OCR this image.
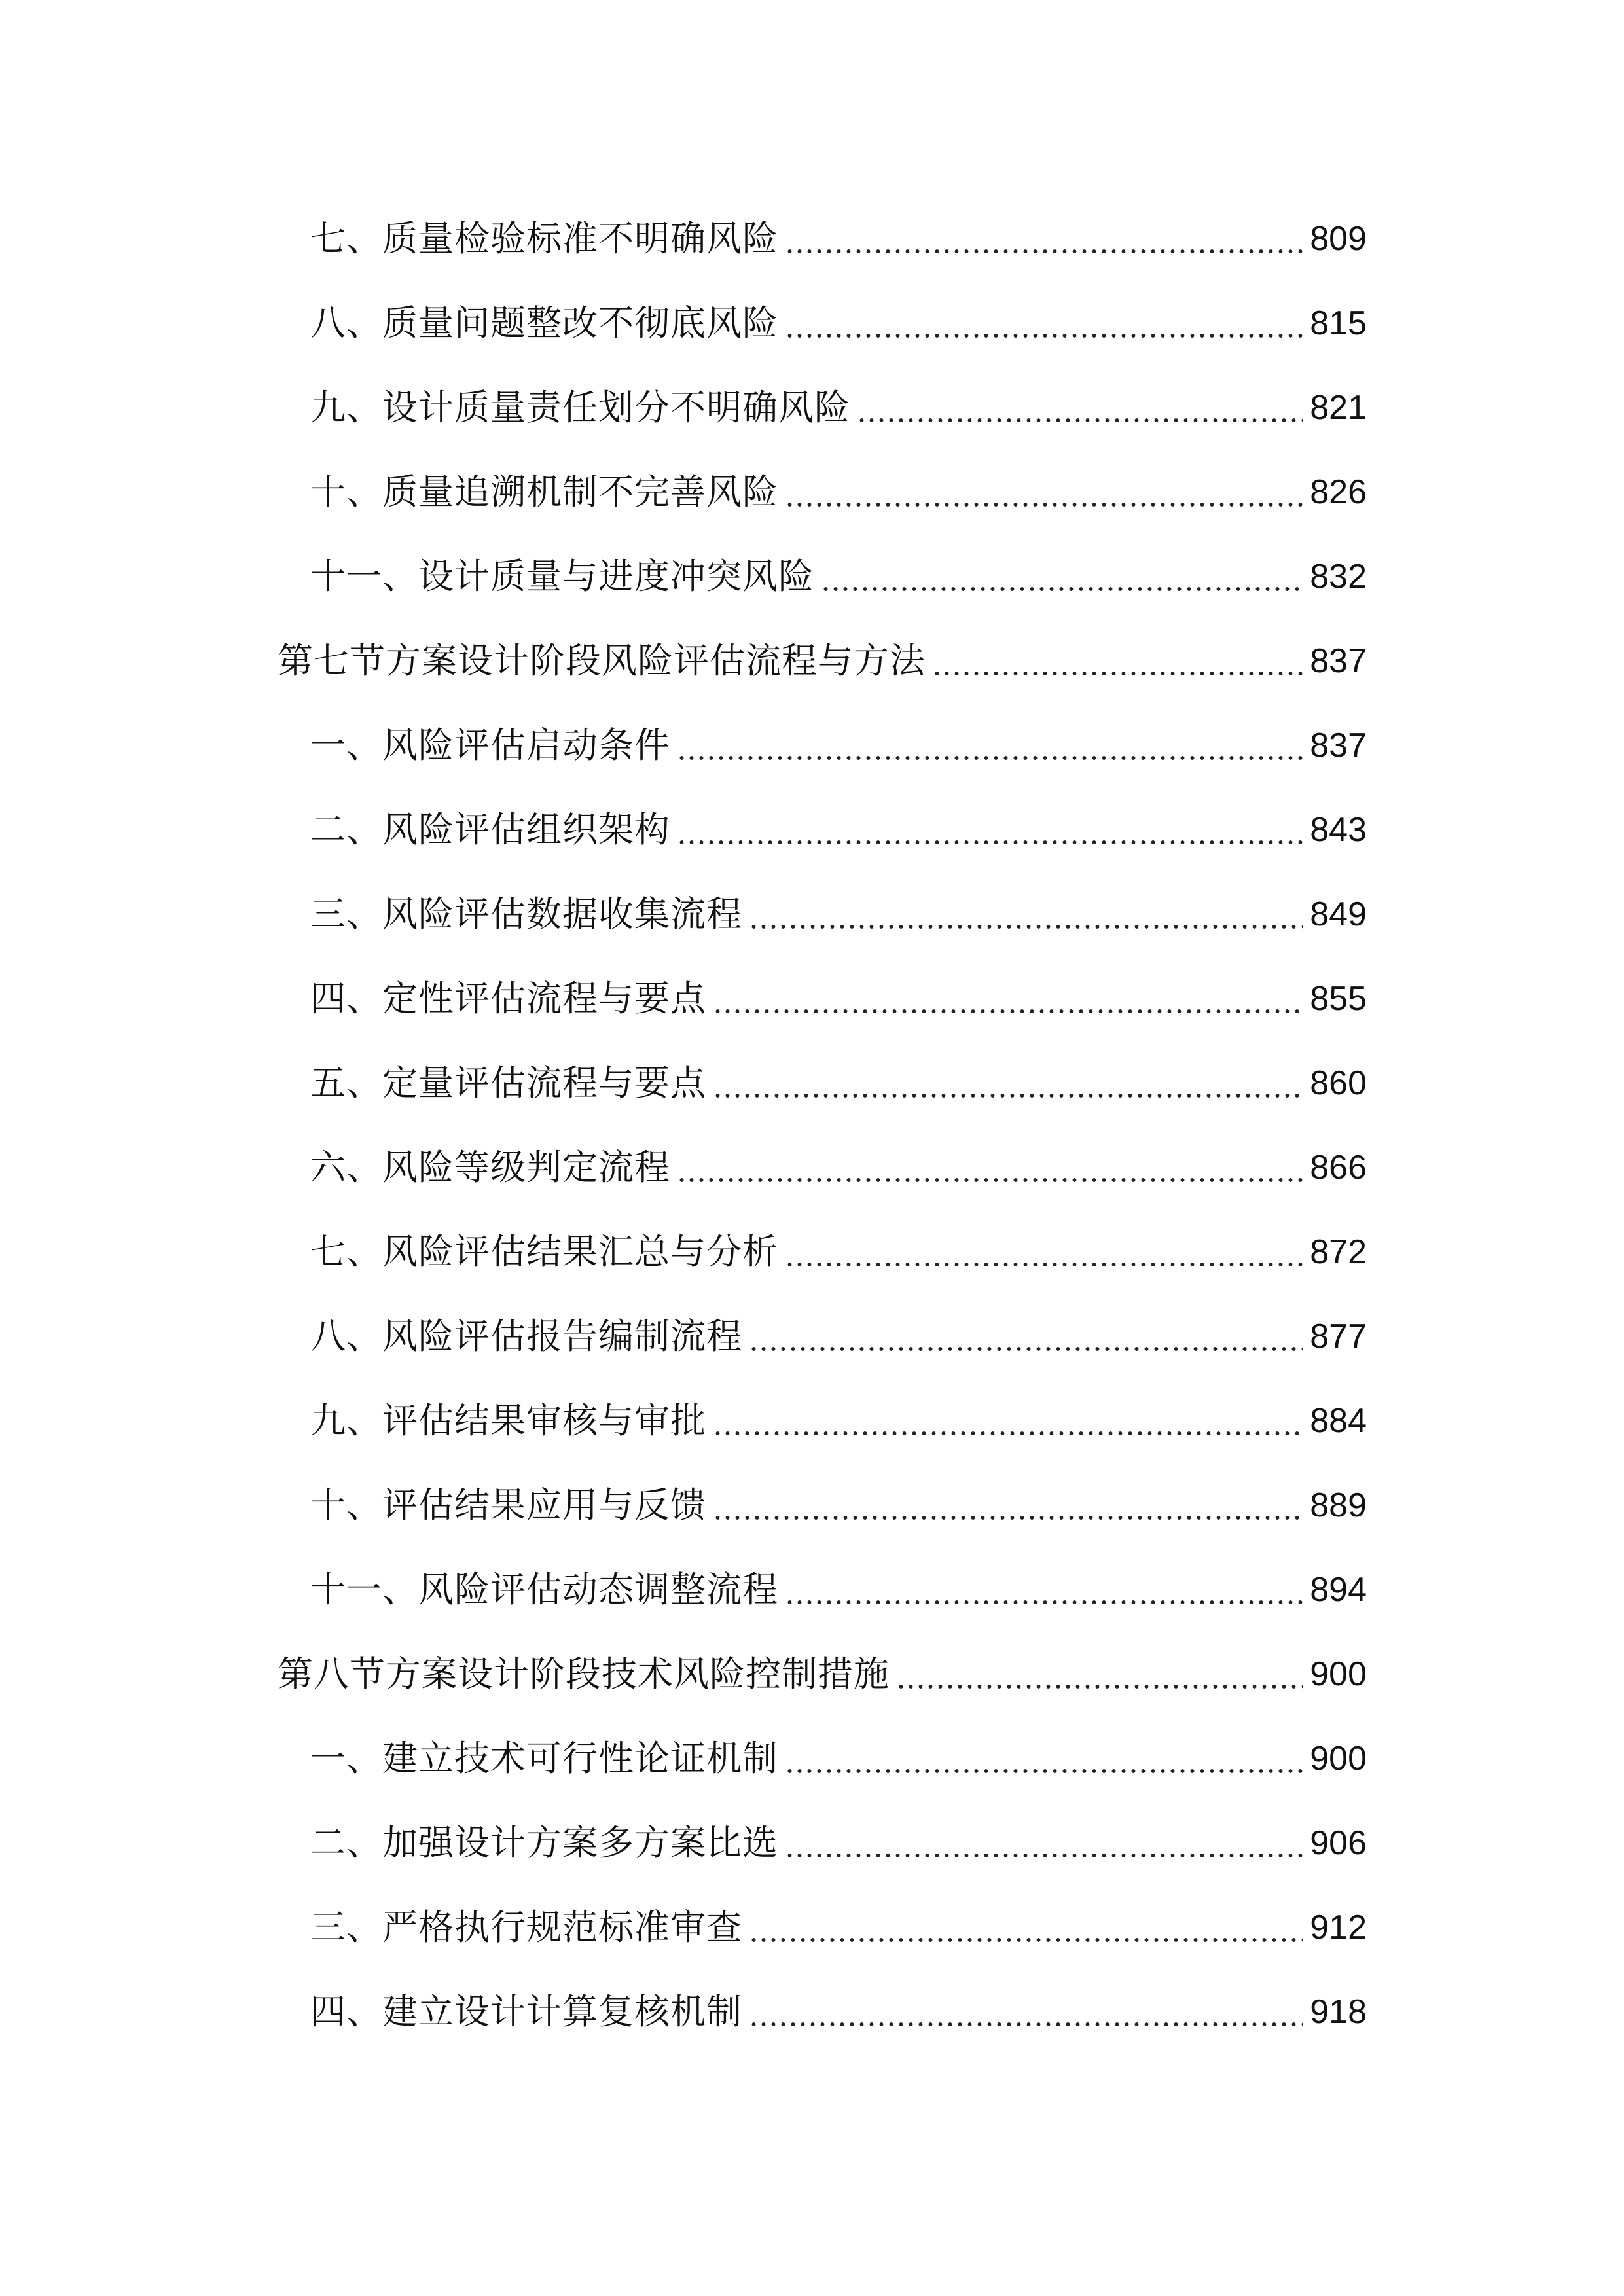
七、质量检验标准不明确风险	809
八、质量问题整改不彻底风险	815
九、设计质量责任划分不明确风险	821
十、质量追溯机制不完善风险	826
十一、设计质量与进度冲突风险	832
第七节方案设计阶段风险评估流程与方法	837
一、风险评估启动条件	837
二、风险评估组织架构	843
三、风险评估数据收集流程	849
四、定性评估流程与要点	855
五、定量评估流程与要点	860
六、风险等级判定流程	866
七、风险评估结果汇总与分析	872
八、风险评估报告编制流程	877
九、评估结果审核与审批	884
十、评估结果应用与反馈	889
十一、风险评估动态调整流程	894
第八节方案设计阶段技术风险控制措施	900
一、建立技术可行性论证机制	900
二、加强设计方案多方案比选	906
三、严格执行规范标准审查	912
四、建立设计计算复核机制	918
